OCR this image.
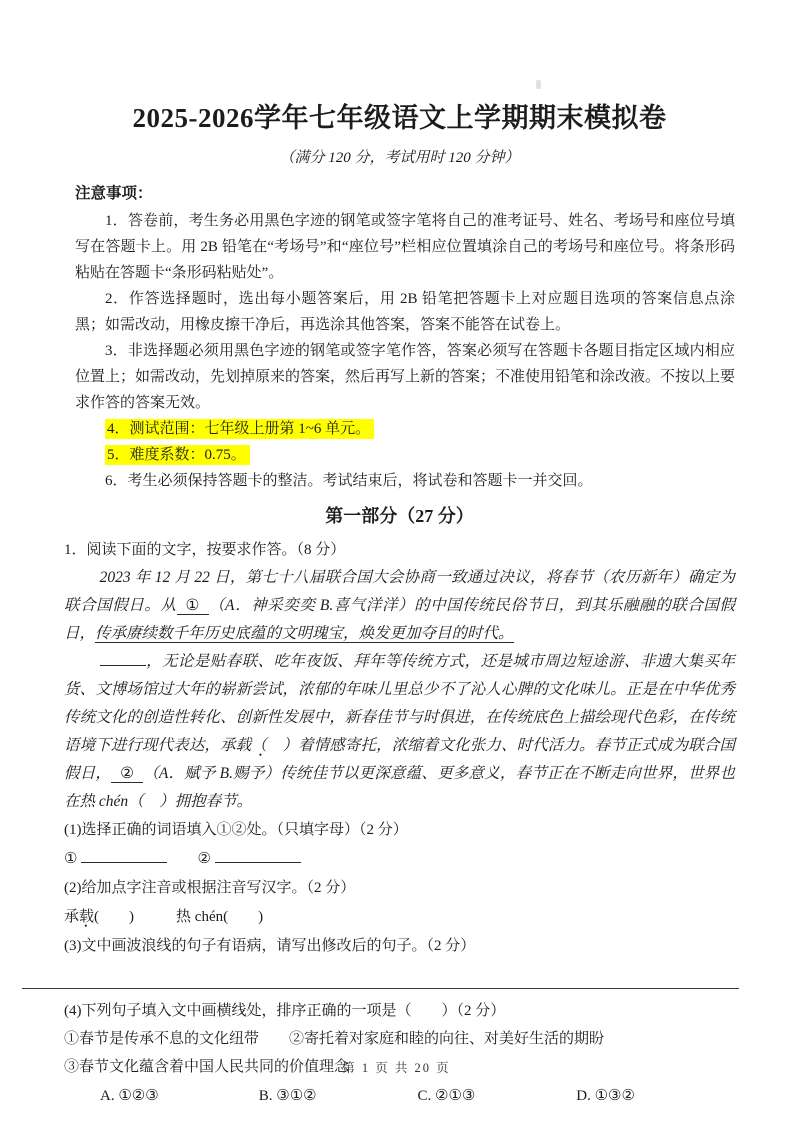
2025-2026学年七年级语文上学期期末模拟卷
（满分 120 分，考试用时 120 分钟）
注意事项：
1．答卷前，考生务必用黑色字迹的钢笔或签字笔将自己的准考证号、姓名、考场号和座位号填写在答题卡上。用 2B 铅笔在“考场号”和“座位号”栏相应位置填涂自己的考场号和座位号。将条形码粘贴在答题卡“条形码粘贴处”。
2．作答选择题时，选出每小题答案后，用 2B 铅笔把答题卡上对应题目选项的答案信息点涂黑；如需改动，用橡皮擦干净后，再选涂其他答案，答案不能答在试卷上。
3．非选择题必须用黑色字迹的钢笔或签字笔作答，答案必须写在答题卡各题目指定区域内相应位置上；如需改动，先划掉原来的答案，然后再写上新的答案；不准使用铅笔和涂改液。不按以上要求作答的答案无效。
4．测试范围：七年级上册第 1~6 单元。
5．难度系数：0.75。
6．考生必须保持答题卡的整洁。考试结束后，将试卷和答题卡一并交回。
第一部分（27 分）
1．阅读下面的文字，按要求作答。（8 分）

2023 年 12 月 22 日，第七十八届联合国大会协商一致通过决议，将春节（农历新年）确定为联合国假日。从 ① （A．神采奕奕 B.喜气洋洋）的中国传统民俗节日，到其乐融融的联合国假日，传承赓续数千年历史底蕴的文明瑰宝，焕发更加夺目的时代。

，无论是贴春联、吃年夜饭、拜年等传统方式，还是城市周边短途游、非遗大集买年货、文博场馆过大年的崭新尝试，浓郁的年味儿里总少不了沁人心脾的文化味儿。正是在中华优秀传统文化的创造性转化、创新性发展中，新春佳节与时俱进，在传统底色上描绘现代色彩，在传统语境下进行现代表达，承载（　）着情感寄托，浓缩着文化张力、时代活力。春节正式成为联合国假日， ② （A．赋予 B.赐予）传统佳节以更深意蕴、更多意义，春节正在不断走向世界，世界也在热 chén（　）拥抱春节。

(1)选择正确的词语填入①②处。（只填字母）（2 分）
①	②
(2)给加点字注音或根据注音写汉字。（2 分）
承载(　　)	热 chén(　　)
(3)文中画波浪线的句子有语病，请写出修改后的句子。（2 分）
(4)下列句子填入文中画横线处，排序正确的一项是（　　）（2 分）
①春节是传承不息的文化纽带　　②寄托着对家庭和睦的向往、对美好生活的期盼
③春节文化蕴含着中国人民共同的价值理念
A. ①②③	B. ③①②	C. ②①③	D. ①③②
第 1 页 共 20 页
